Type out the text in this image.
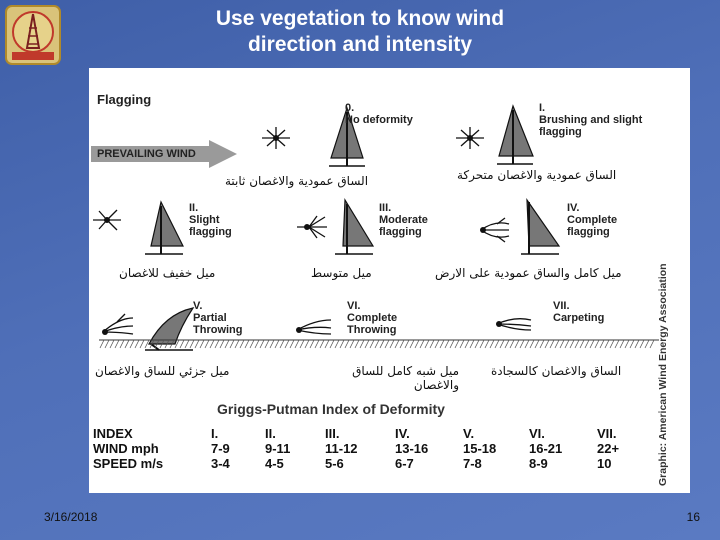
Use vegetation to know wind
direction and intensity
Flagging
PREVAILING WIND
0.
No deformity
I.
Brushing and slight flagging
الساق عمودية والاغصان ثابتة	الساق عمودية والاغصان متحركة
II.
Slight flagging
III.
Moderate flagging
IV.
Complete flagging
ميل خفيف للاغصان	ميل متوسط	ميل كامل والساق عمودية على الارض
V.
Partial Throwing
VI.
Complete Throwing
VII.
Carpeting
ميل جزئي للساق والاغصان	ميل شبه كامل للساق والاغصان
الساق والاغصان كالسجادة
Griggs-Putman Index of Deformity
INDEX	I.	II.	III.	IV.	V.	VI.	VII.
WIND mph	7-9	9-11	11-12	13-16	15-18	16-21	22+
SPEED m/s	3-4	4-5	5-6	6-7	7-8	8-9	10	Graphic: American Wind Energy Association
3/16/2018	16
